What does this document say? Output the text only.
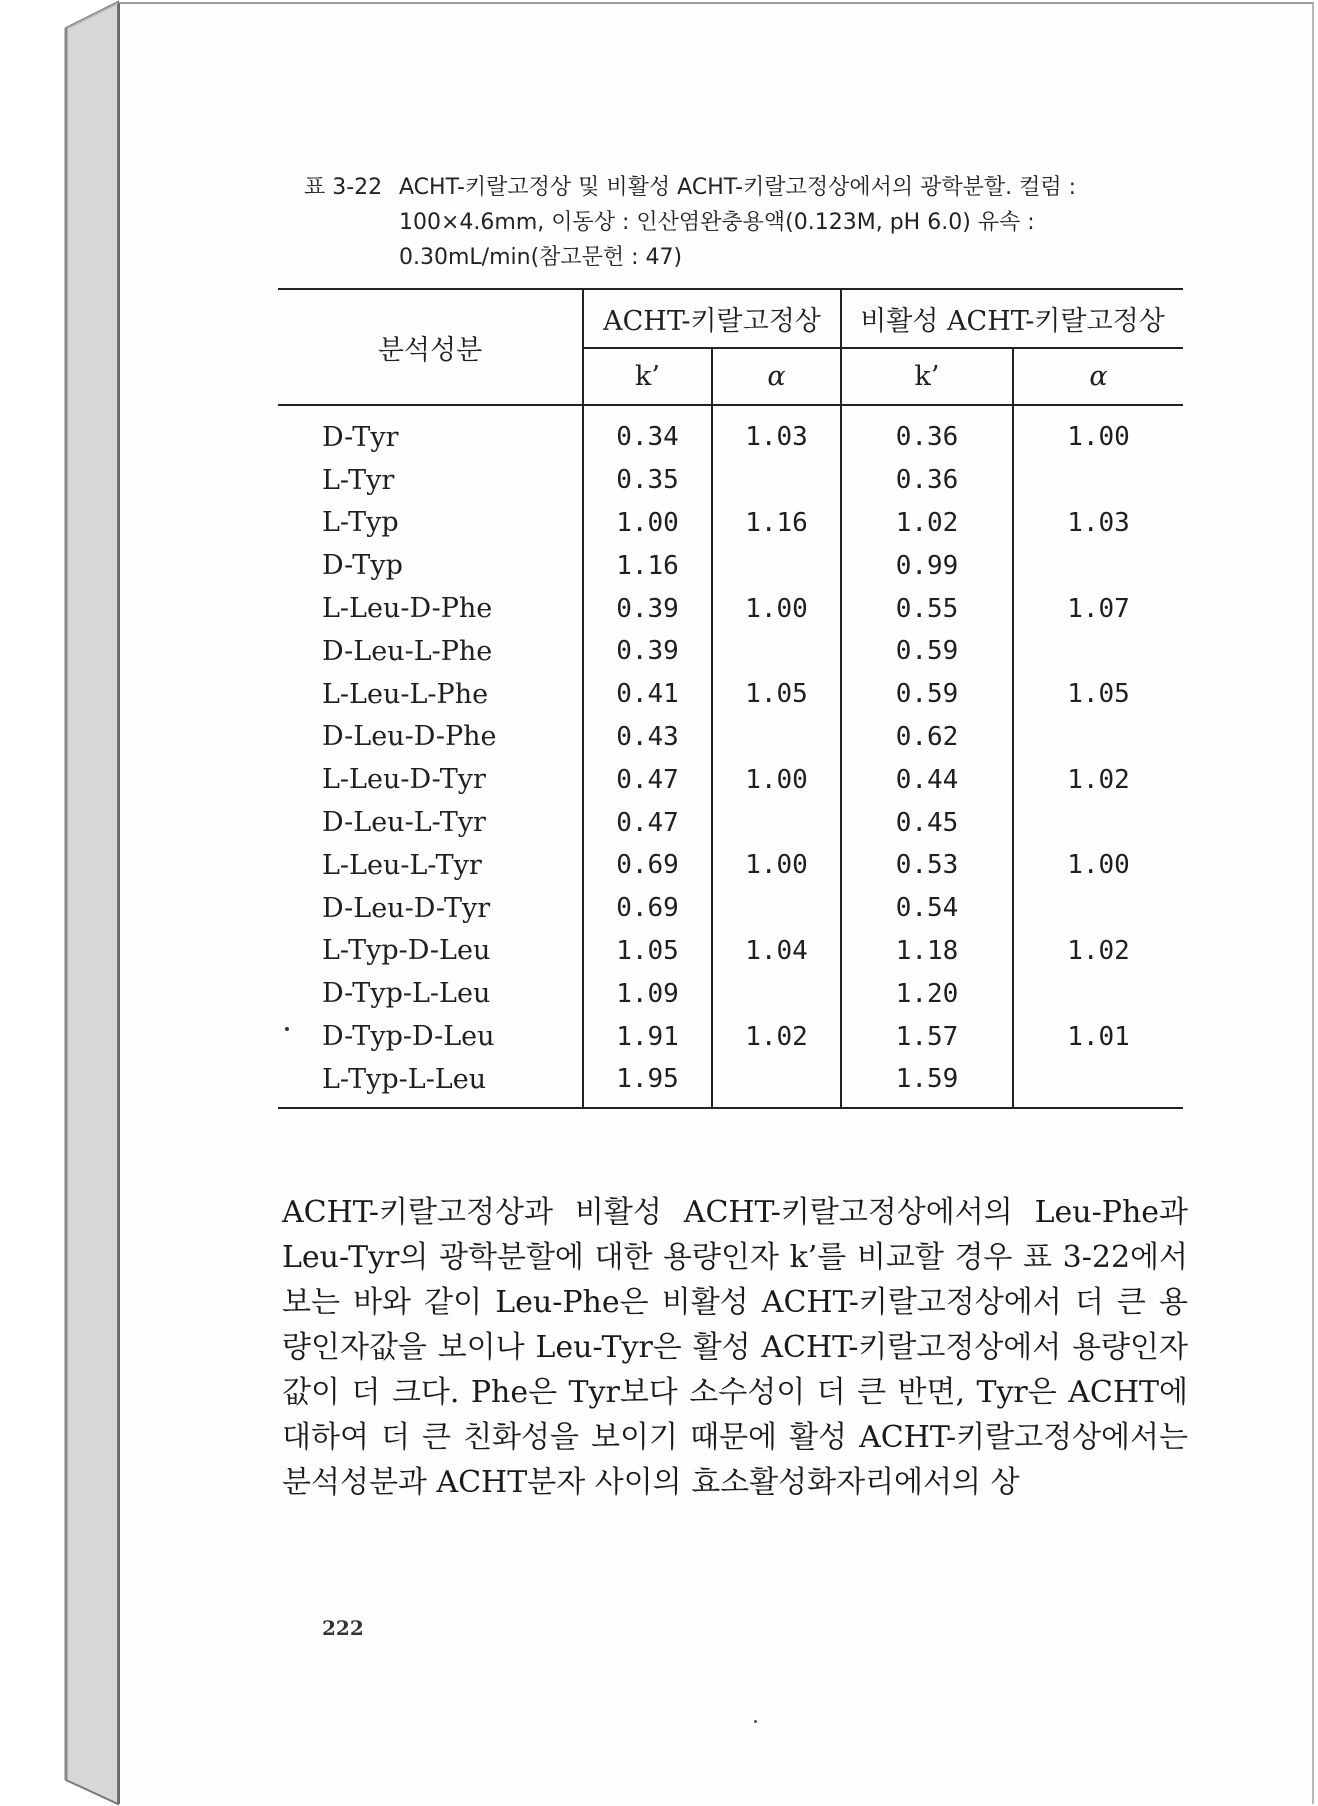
표 3-22 ACHT-키랄고정상 및 비활성 ACHT-키랄고정상에서의 광학분할. 컬럼 : 100×4.6mm, 이동상 : 인산염완충용액(0.123M, pH 6.0) 유속 : 0.30mL/min(참고문헌 : 47)
분석성분	ACHT-키랄고정상		비활성 ACHT-키랄고정상	
	k’	α	k’	α
D-Tyr	0.34	1.03	0.36	1.00
L-Tyr	0.35		0.36	
L-Typ	1.00	1.16	1.02	1.03
D-Typ	1.16		0.99	
L-Leu-D-Phe	0.39	1.00	0.55	1.07
D-Leu-L-Phe	0.39		0.59	
L-Leu-L-Phe	0.41	1.05	0.59	1.05
D-Leu-D-Phe	0.43		0.62	
L-Leu-D-Tyr	0.47	1.00	0.44	1.02
D-Leu-L-Tyr	0.47		0.45	
L-Leu-L-Tyr	0.69	1.00	0.53	1.00
D-Leu-D-Tyr	0.69		0.54	
L-Typ-D-Leu	1.05	1.04	1.18	1.02
D-Typ-L-Leu	1.09		1.20	
D-Typ-D-Leu	1.91	1.02	1.57	1.01
L-Typ-L-Leu	1.95		1.59	
ACHT-키랄고정상과 비활성 ACHT-키랄고정상에서의 Leu-Phe과 Leu-Tyr의 광학분할에 대한 용량인자 k’를 비교할 경우 표 3-22에서 보는 바와 같이 Leu-Phe은 비활성 ACHT-키랄고정상에서 더 큰 용량인자값을 보이나 Leu-Tyr은 활성 ACHT-키랄고정상에서 용량인자값이 더 크다. Phe은 Tyr보다 소수성이 더 큰 반면, Tyr은 ACHT에 대하여 더 큰 친화성을 보이기 때문에 활성 ACHT-키랄고정상에서는 분석성분과 ACHT분자 사이의 효소활성화자리에서의 상
222
